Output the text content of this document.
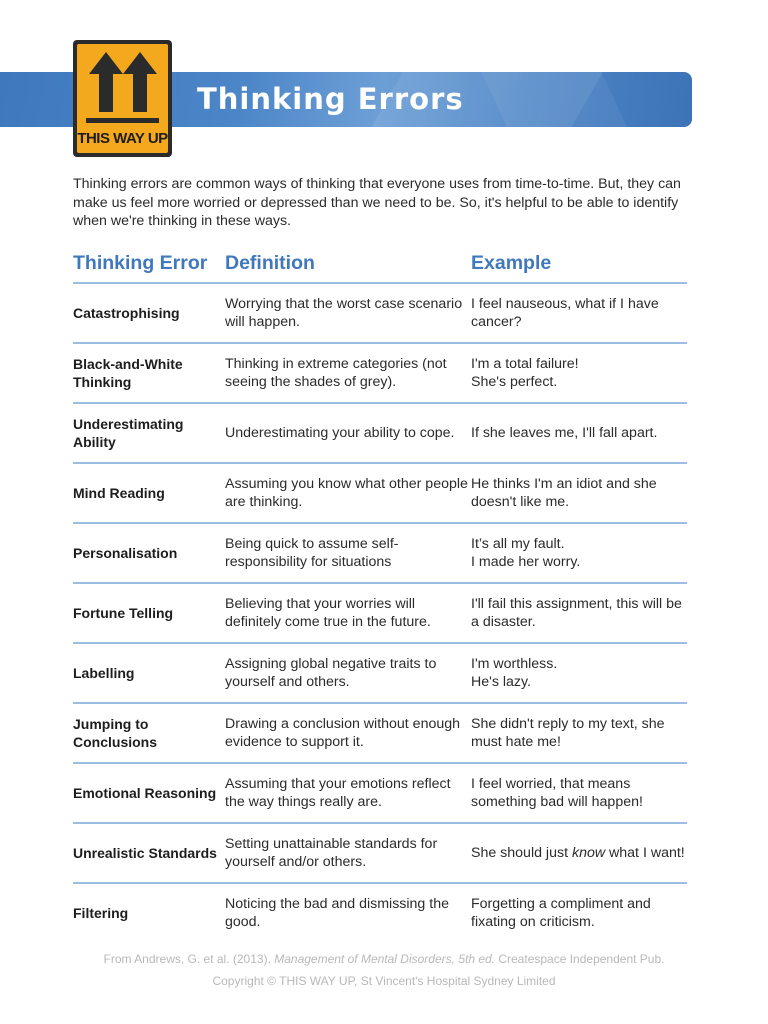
Thinking Errors
THIS WAY UP

Thinking errors are common ways of thinking that everyone uses from time-to-time. But, they can make us feel more worried or depressed than we need to be. So, it's helpful to be able to identify when we're thinking in these ways.

Thinking Error Definition	Example
Catastrophising
Worrying that the worst case scenario will happen.
I feel nauseous, what if I have cancer?
Black-and-White Thinking
Thinking in extreme categories (not seeing the shades of grey).
I'm a total failure!
She's perfect.
Underestimating Ability
Underestimating your ability to cope.	If she leaves me, I'll fall apart.
Mind Reading
Assuming you know what other people are thinking.
He thinks I'm an idiot and she doesn't like me.
Personalisation
Being quick to assume self-responsibility for situations
It’s all my fault.
I made her worry.
Fortune Telling
Believing that your worries will definitely come true in the future.
I'll fail this assignment, this will be a disaster.
Labelling
Assigning global negative traits to yourself and others.
I'm worthless.
He's lazy.
Jumping to Conclusions
Drawing a conclusion without enough evidence to support it.
She didn't reply to my text, she must hate me!
Emotional Reasoning
Assuming that your emotions reflect the way things really are.
I feel worried, that means something bad will happen!
Unrealistic Standards
Setting unattainable standards for yourself and/or others.
She should just know what I want!
Filtering
Noticing the bad and dismissing the good.
Forgetting a compliment and fixating on criticism.
From Andrews, G. et al. (2013). Management of Mental Disorders, 5th ed. Createspace Independent Pub.
Copyright © THIS WAY UP, St Vincent's Hospital Sydney Limited
